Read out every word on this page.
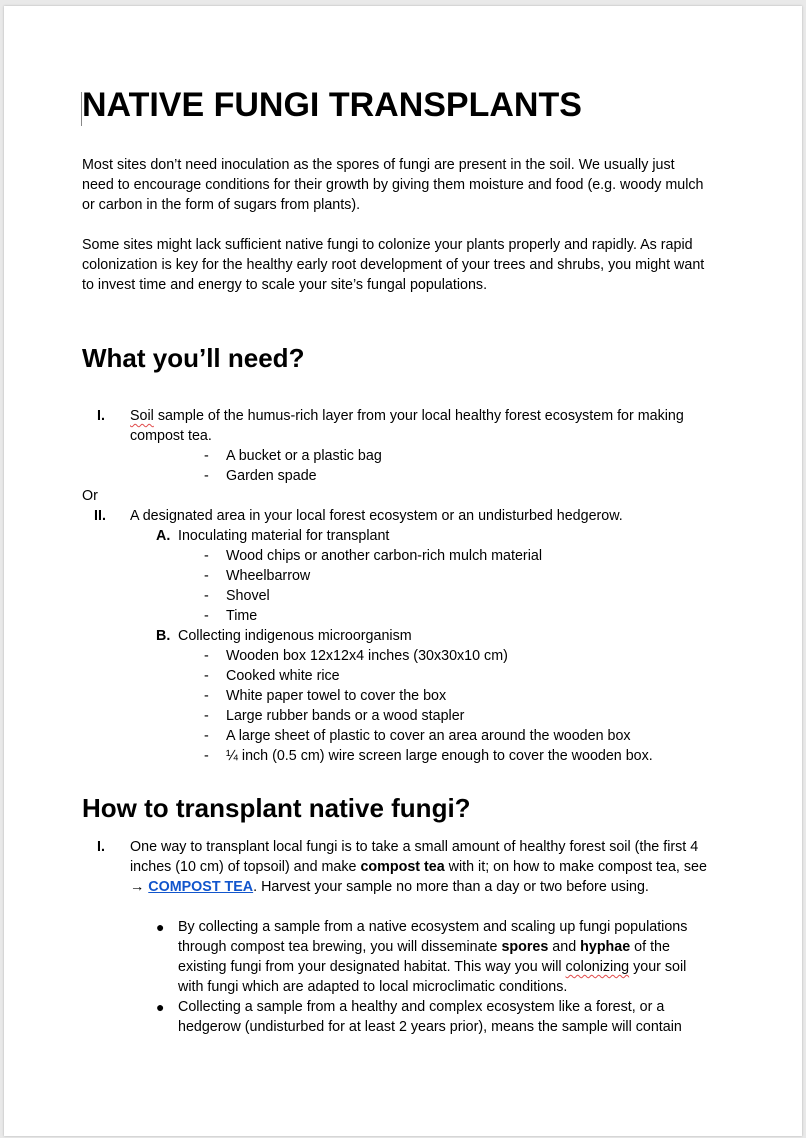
NATIVE FUNGI TRANSPLANTS
Most sites don’t need inoculation as the spores of fungi are present in the soil. We usually just
need to encourage conditions for their growth by giving them moisture and food (e.g. woody mulch
or carbon in the form of sugars from plants).
Some sites might lack sufficient native fungi to colonize your plants properly and rapidly. As rapid
colonization is key for the healthy early root development of your trees and shrubs, you might want
to invest time and energy to scale your site’s fungal populations.
What you’ll need?
I. Soil sample of the humus-rich layer from your local healthy forest ecosystem for making
compost tea.
- A bucket or a plastic bag
- Garden spade
Or
II. A designated area in your local forest ecosystem or an undisturbed hedgerow.
A. Inoculating material for transplant
- Wood chips or another carbon-rich mulch material
- Wheelbarrow
- Shovel
- Time
B. Collecting indigenous microorganism
- Wooden box 12x12x4 inches (30x30x10 cm)
- Cooked white rice
- White paper towel to cover the box
- Large rubber bands or a wood stapler
- A large sheet of plastic to cover an area around the wooden box
- ¼ inch (0.5 cm) wire screen large enough to cover the wooden box.
How to transplant native fungi?
I. One way to transplant local fungi is to take a small amount of healthy forest soil (the first 4
inches (10 cm) of topsoil) and make compost tea with it; on how to make compost tea, see
→ COMPOST TEA. Harvest your sample no more than a day or two before using.
● By collecting a sample from a native ecosystem and scaling up fungi populations
through compost tea brewing, you will disseminate spores and hyphae of the
existing fungi from your designated habitat. This way you will colonizing your soil
with fungi which are adapted to local microclimatic conditions.
● Collecting a sample from a healthy and complex ecosystem like a forest, or a
hedgerow (undisturbed for at least 2 years prior), means the sample will contain
